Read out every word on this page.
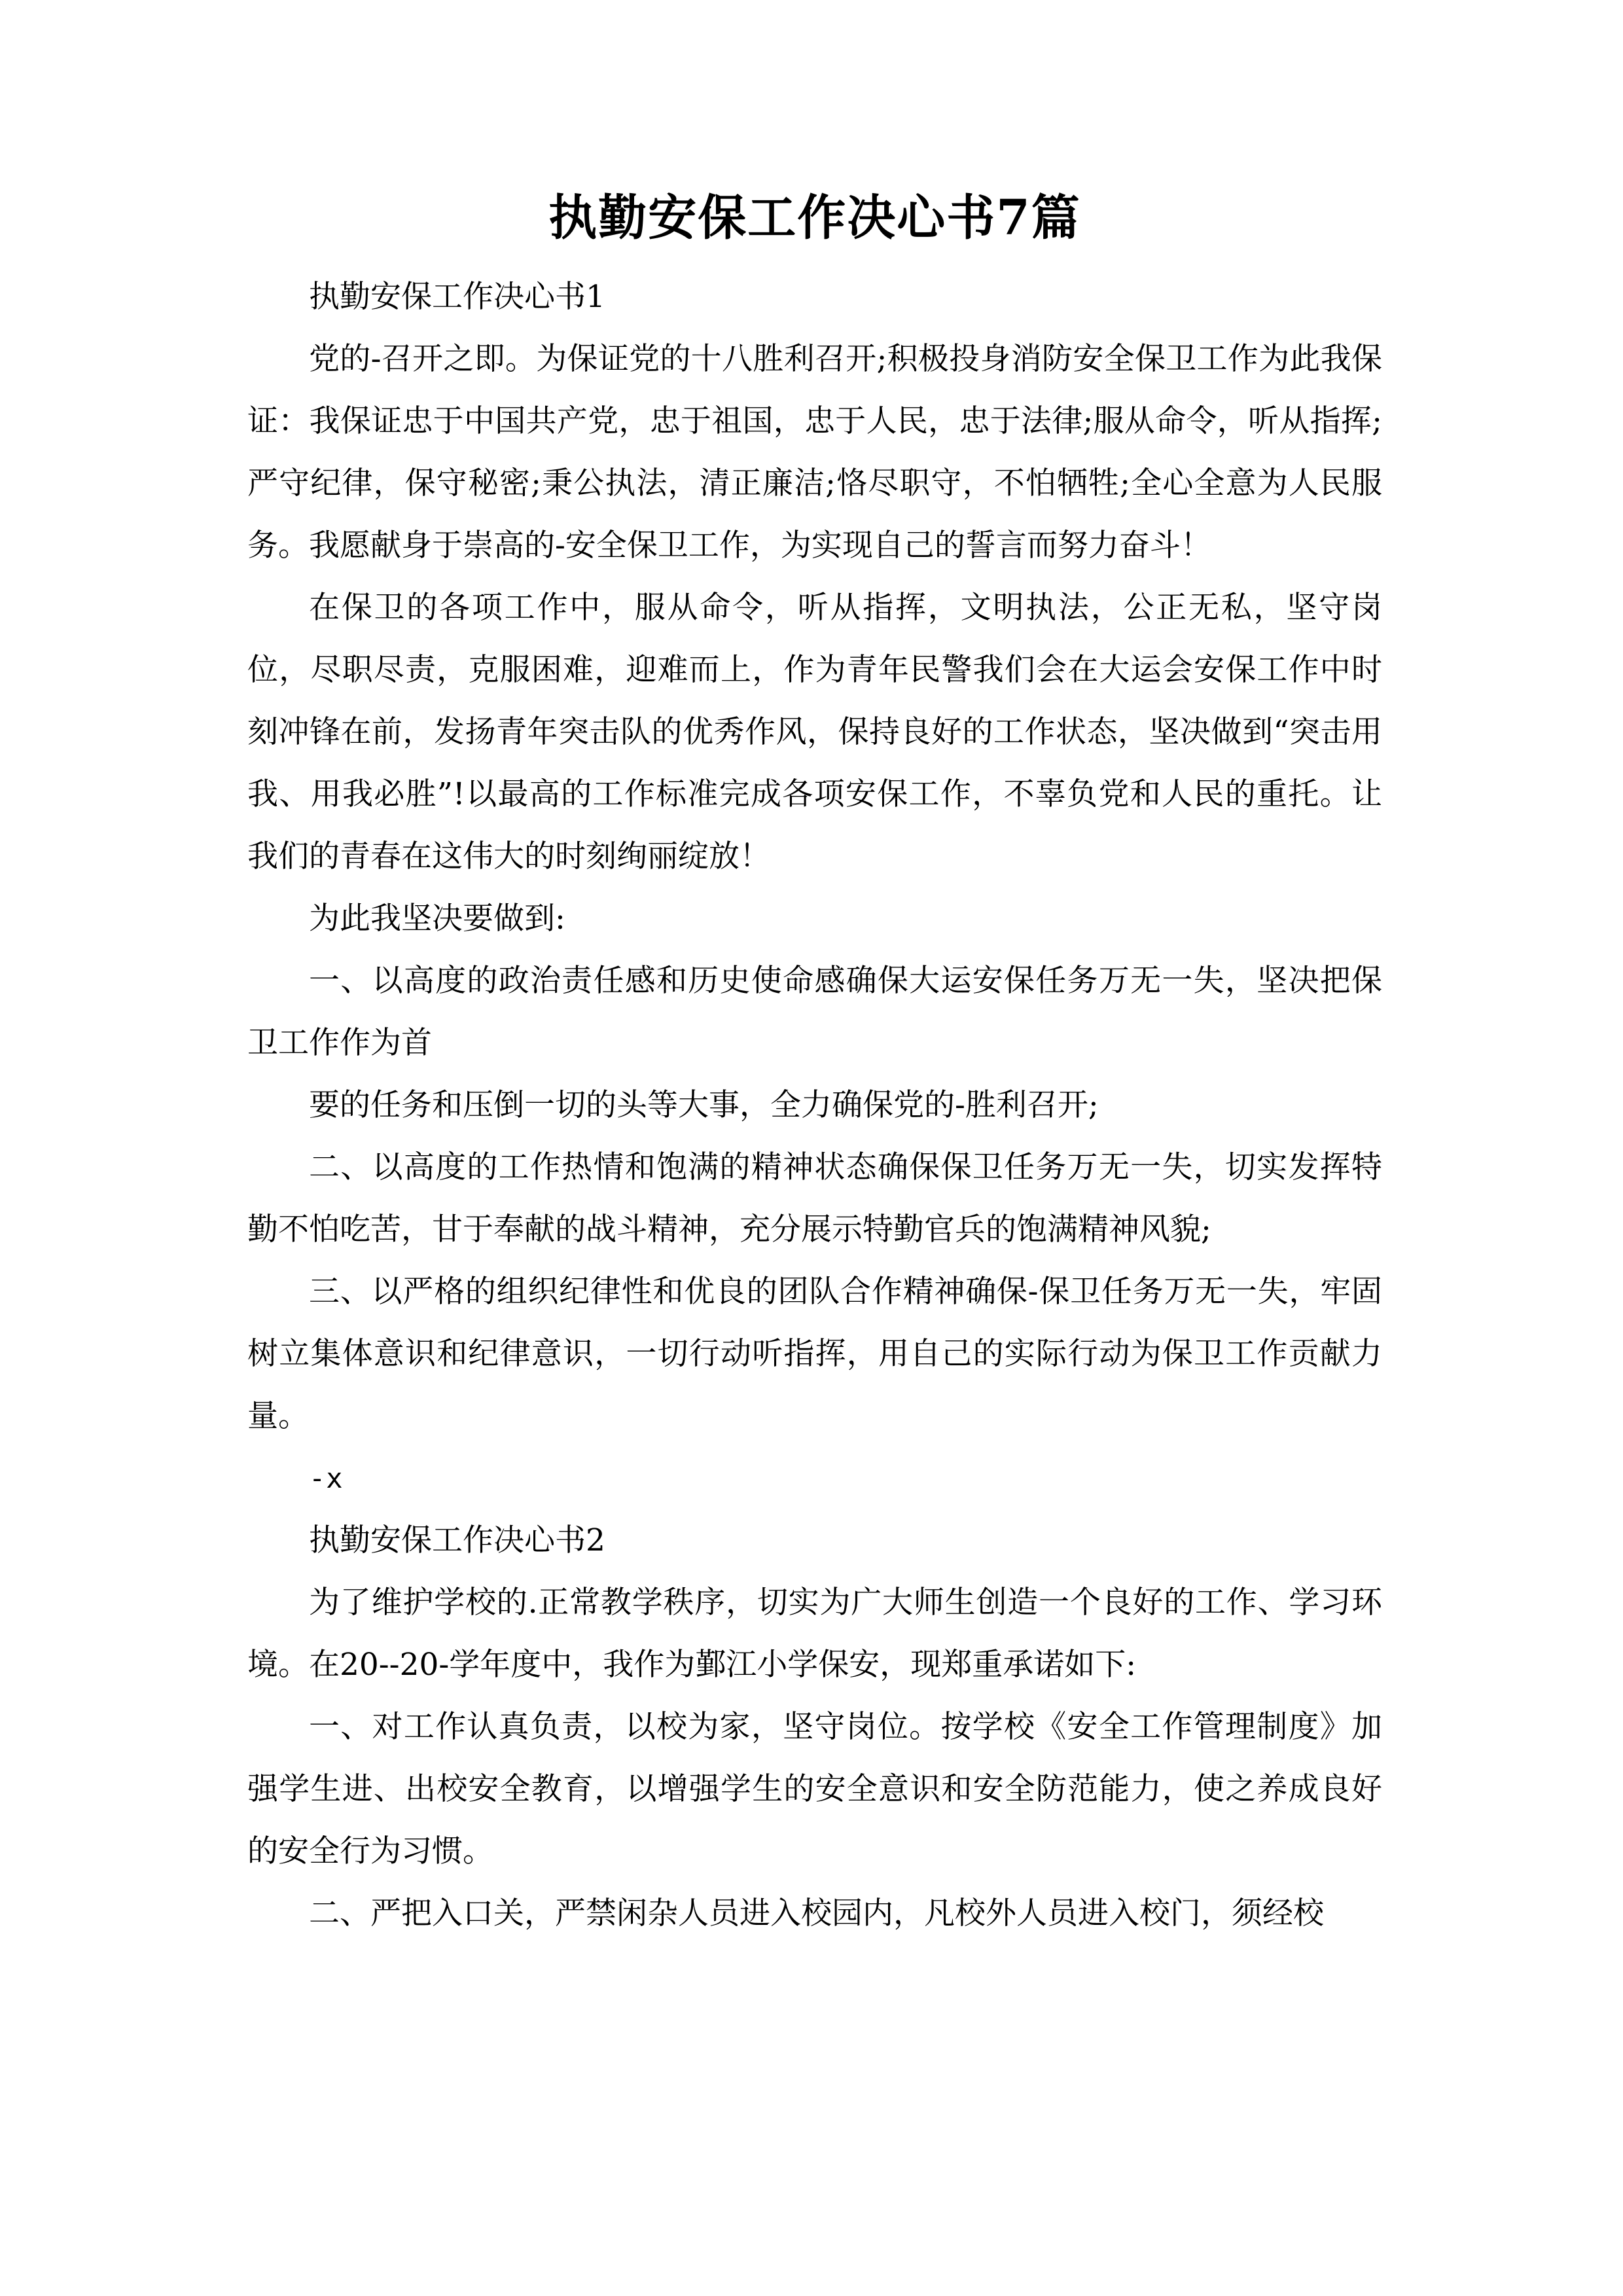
执勤安保工作决心书7篇

执勤安保工作决心书1

党的-召开之即。为保证党的十八胜利召开;积极投身消防安全保卫工作为此我保证：我保证忠于中国共产党，忠于祖国，忠于人民，忠于法律;服从命令，听从指挥;严守纪律，保守秘密;秉公执法，清正廉洁;恪尽职守，不怕牺牲;全心全意为人民服务。我愿献身于崇高的-安全保卫工作，为实现自己的誓言而努力奋斗！

在保卫的各项工作中，服从命令，听从指挥，文明执法，公正无私，坚守岗位，尽职尽责，克服困难，迎难而上，作为青年民警我们会在大运会安保工作中时刻冲锋在前，发扬青年突击队的优秀作风，保持良好的工作状态，坚决做到“突击用我、用我必胜”!以最高的工作标准完成各项安保工作，不辜负党和人民的重托。让我们的青春在这伟大的时刻绚丽绽放！

为此我坚决要做到:

一、以高度的政治责任感和历史使命感确保大运安保任务万无一失，坚决把保卫工作作为首

要的任务和压倒一切的头等大事，全力确保党的-胜利召开;

二、以高度的工作热情和饱满的精神状态确保保卫任务万无一失，切实发挥特勤不怕吃苦，甘于奉献的战斗精神，充分展示特勤官兵的饱满精神风貌;

三、以严格的组织纪律性和优良的团队合作精神确保-保卫任务万无一失，牢固树立集体意识和纪律意识，一切行动听指挥，用自己的实际行动为保卫工作贡献力量。

-x

执勤安保工作决心书2

为了维护学校的.正常教学秩序，切实为广大师生创造一个良好的工作、学习环境。在20--20-学年度中，我作为鄞江小学保安，现郑重承诺如下:

一、对工作认真负责，以校为家，坚守岗位。按学校《安全工作管理制度》加强学生进、出校安全教育，以增强学生的安全意识和安全防范能力，使之养成良好的安全行为习惯。

二、严把入口关，严禁闲杂人员进入校园内，凡校外人员进入校门，须经校
